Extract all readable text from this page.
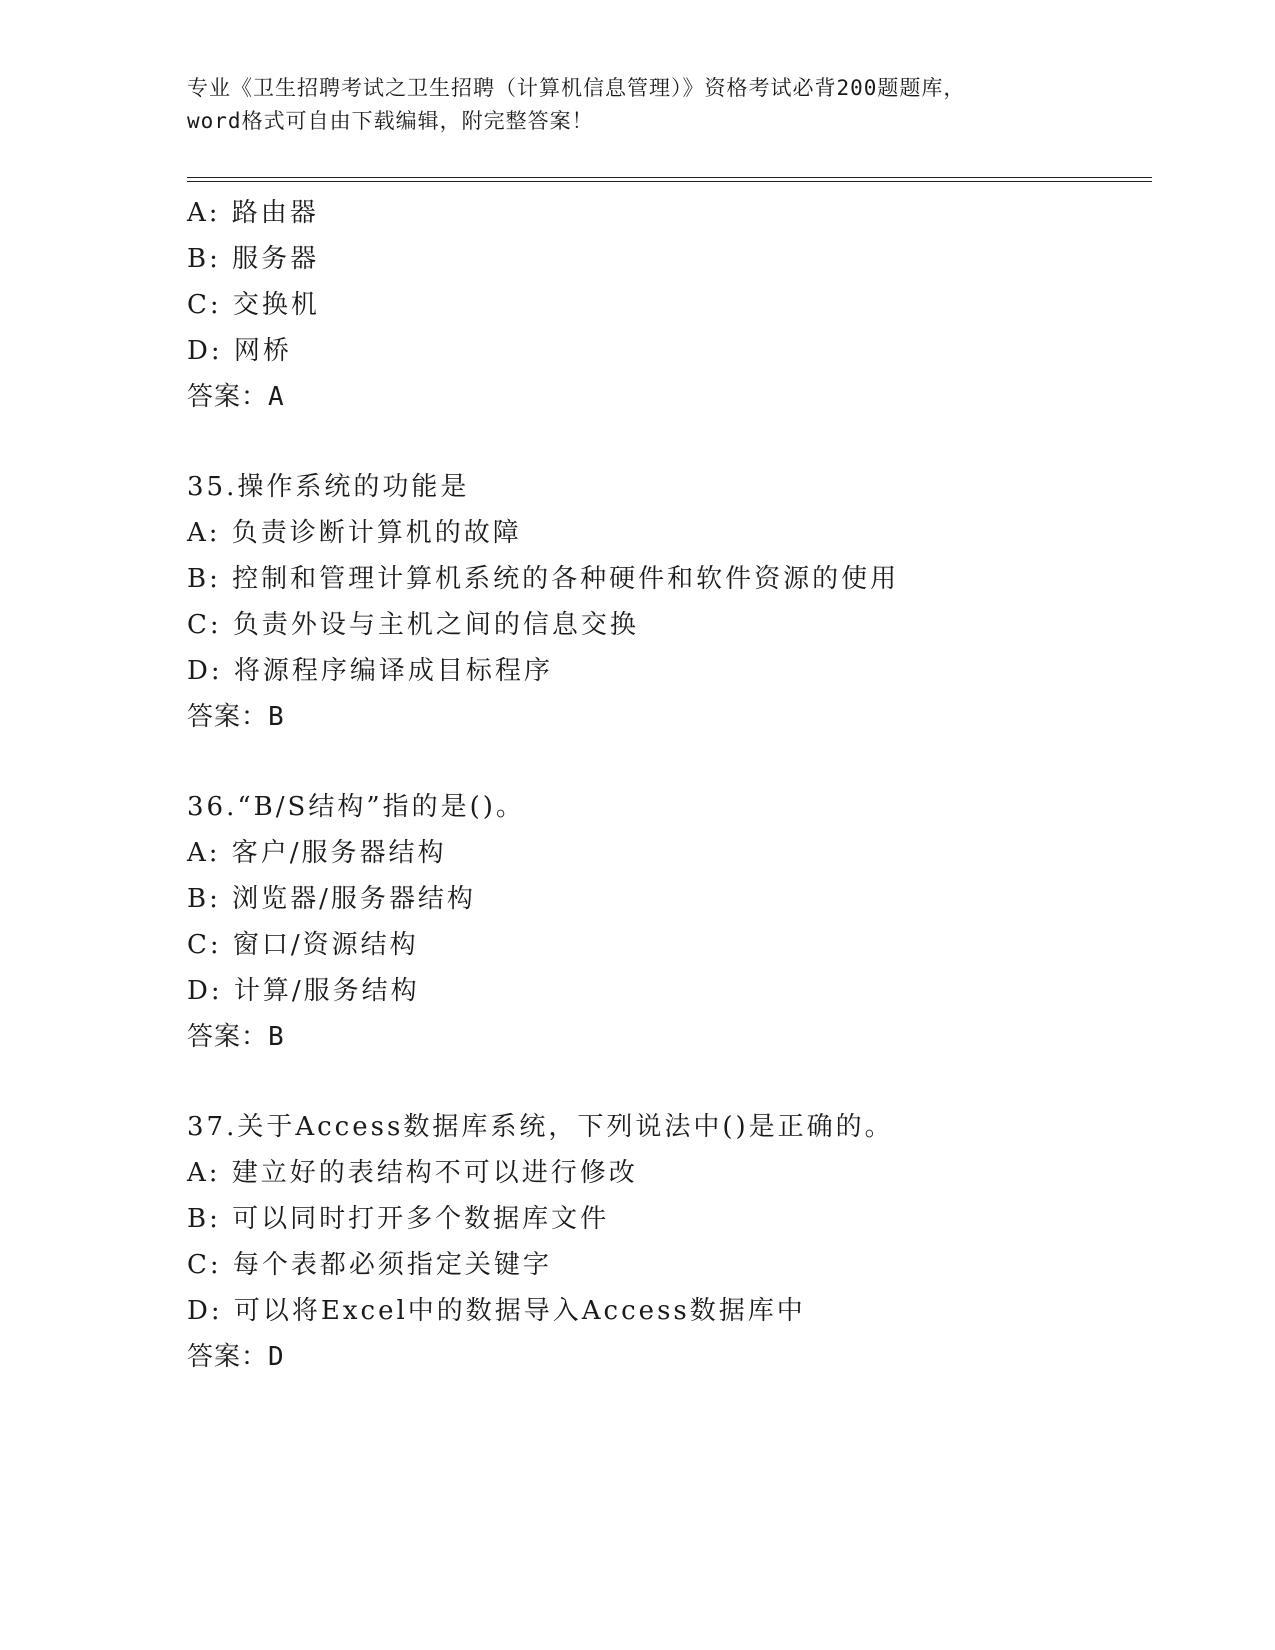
专业《卫生招聘考试之卫生招聘（计算机信息管理）》资格考试必背200题题库，
word格式可自由下载编辑，附完整答案！
A: 路由器
B: 服务器
C: 交换机
D: 网桥
答案：A
35.操作系统的功能是
A: 负责诊断计算机的故障
B: 控制和管理计算机系统的各种硬件和软件资源的使用
C: 负责外设与主机之间的信息交换
D: 将源程序编译成目标程序
答案：B
36.“B/S结构”指的是()。
A: 客户/服务器结构
B: 浏览器/服务器结构
C: 窗口/资源结构
D: 计算/服务结构
答案：B
37.关于Access数据库系统，下列说法中()是正确的。
A: 建立好的表结构不可以进行修改
B: 可以同时打开多个数据库文件
C: 每个表都必须指定关键字
D: 可以将Excel中的数据导入Access数据库中
答案：D
